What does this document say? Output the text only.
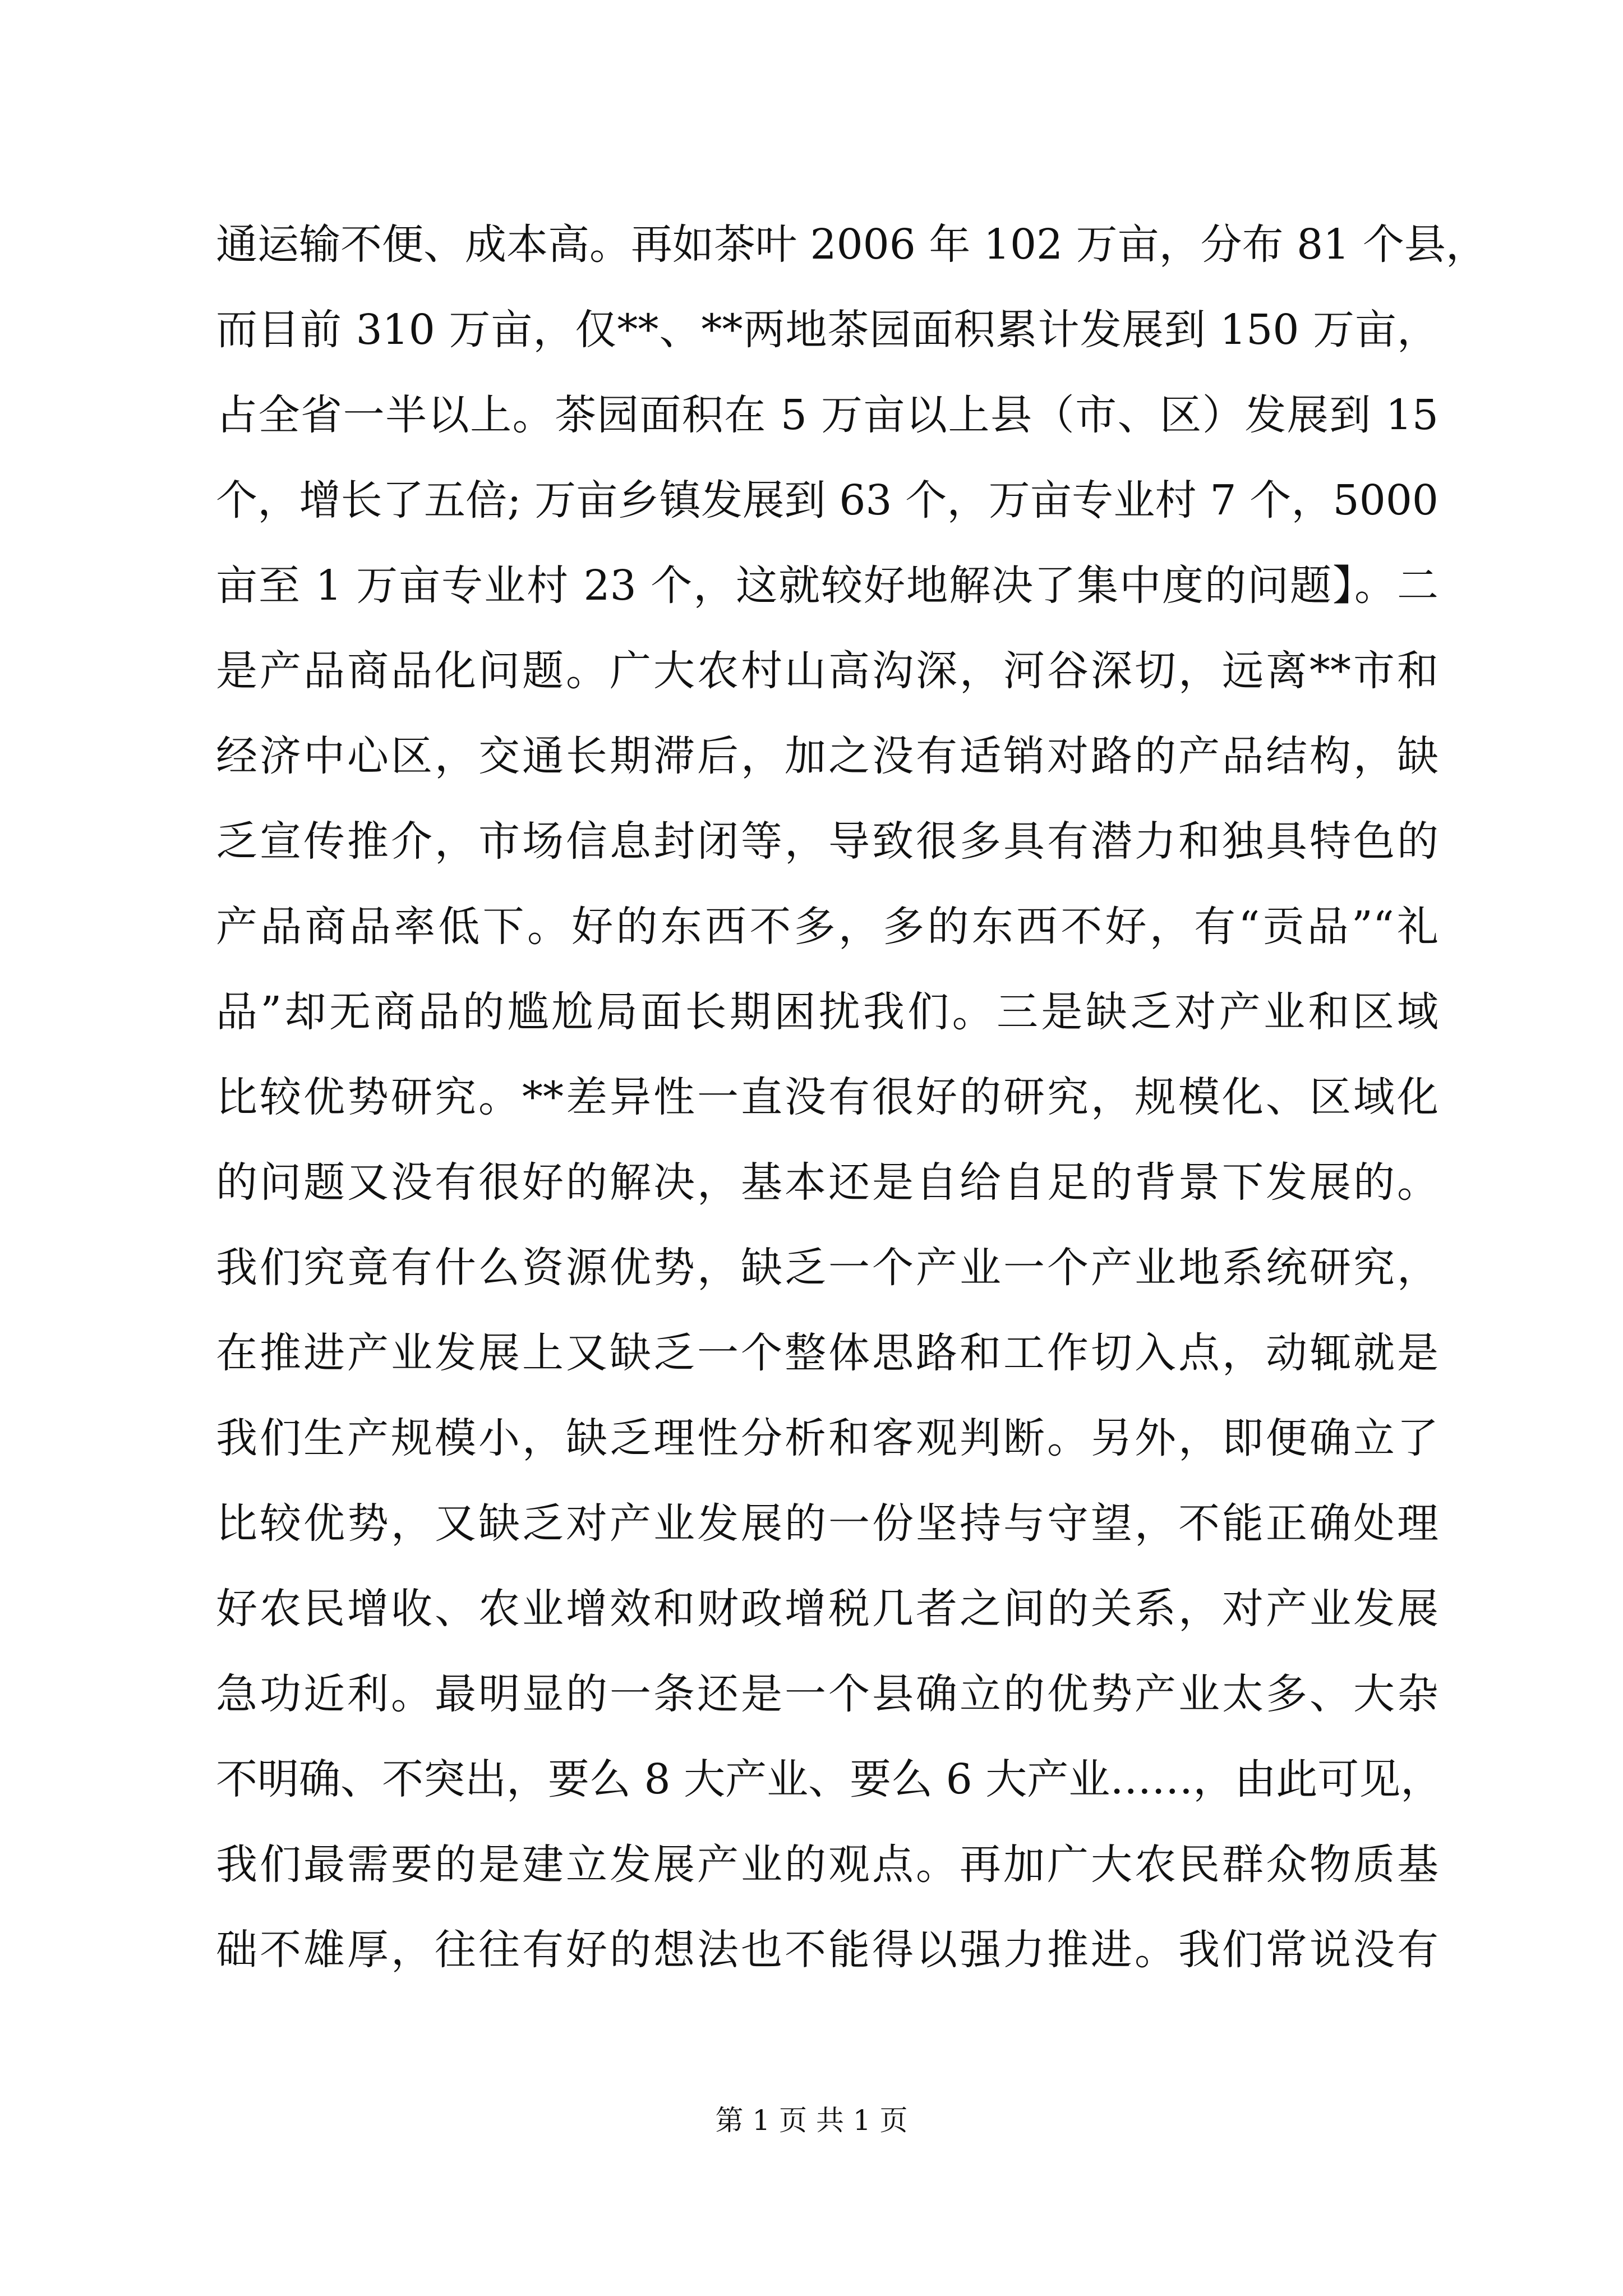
通运输不便、成本高。再如茶叶 2006 年 102 万亩，分布 81 个县，
而目前 310 万亩，仅**、**两地茶园面积累计发展到 150 万亩，
占全省一半以上。茶园面积在 5 万亩以上县（市、区）发展到 15
个，增长了五倍; 万亩乡镇发展到 63 个，万亩专业村 7 个，5000
亩至 1 万亩专业村 23 个，这就较好地解决了集中度的问题】。二
是产品商品化问题。广大农村山高沟深，河谷深切，远离**市和
经济中心区，交通长期滞后，加之没有适销对路的产品结构，缺
乏宣传推介，市场信息封闭等，导致很多具有潜力和独具特色的
产品商品率低下。好的东西不多，多的东西不好，有“贡品”“礼
品”却无商品的尴尬局面长期困扰我们。三是缺乏对产业和区域
比较优势研究。**差异性一直没有很好的研究，规模化、区域化
的问题又没有很好的解决，基本还是自给自足的背景下发展的。
我们究竟有什么资源优势，缺乏一个产业一个产业地系统研究，
在推进产业发展上又缺乏一个整体思路和工作切入点，动辄就是
我们生产规模小，缺乏理性分析和客观判断。另外，即便确立了
比较优势，又缺乏对产业发展的一份坚持与守望，不能正确处理
好农民增收、农业增效和财政增税几者之间的关系，对产业发展
急功近利。最明显的一条还是一个县确立的优势产业太多、大杂
不明确、不突出，要么 8 大产业、要么 6 大产业……，由此可见，
我们最需要的是建立发展产业的观点。再加广大农民群众物质基
础不雄厚，往往有好的想法也不能得以强力推进。我们常说没有
第 1 页 共 1 页
